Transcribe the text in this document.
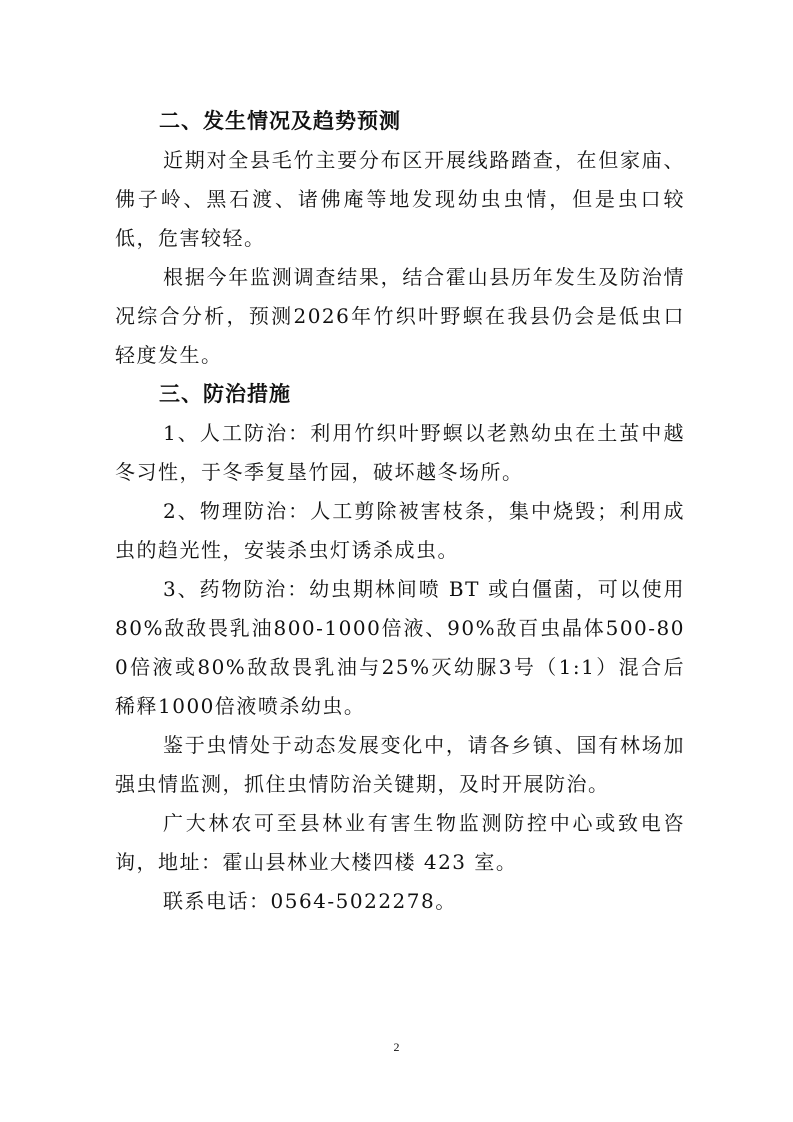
二、发生情况及趋势预测

近期对全县毛竹主要分布区开展线路踏查，在但家庙、佛子岭、黑石渡、诸佛庵等地发现幼虫虫情，但是虫口较低，危害较轻。

根据今年监测调查结果，结合霍山县历年发生及防治情况综合分析，预测2026年竹织叶野螟在我县仍会是低虫口轻度发生。

三、防治措施

1、人工防治：利用竹织叶野螟以老熟幼虫在土茧中越冬习性，于冬季复垦竹园，破坏越冬场所。

2、物理防治：人工剪除被害枝条，集中烧毁；利用成虫的趋光性，安装杀虫灯诱杀成虫。

3、药物防治：幼虫期林间喷 BT 或白僵菌，可以使用80%敌敌畏乳油800-1000倍液、90%敌百虫晶体500-800倍液或80%敌敌畏乳油与25%灭幼脲3号（1:1）混合后稀释1000倍液喷杀幼虫。

鉴于虫情处于动态发展变化中，请各乡镇、国有林场加强虫情监测，抓住虫情防治关键期，及时开展防治。

广大林农可至县林业有害生物监测防控中心或致电咨询，地址：霍山县林业大楼四楼 423 室。

联系电话：0564-5022278。

2
